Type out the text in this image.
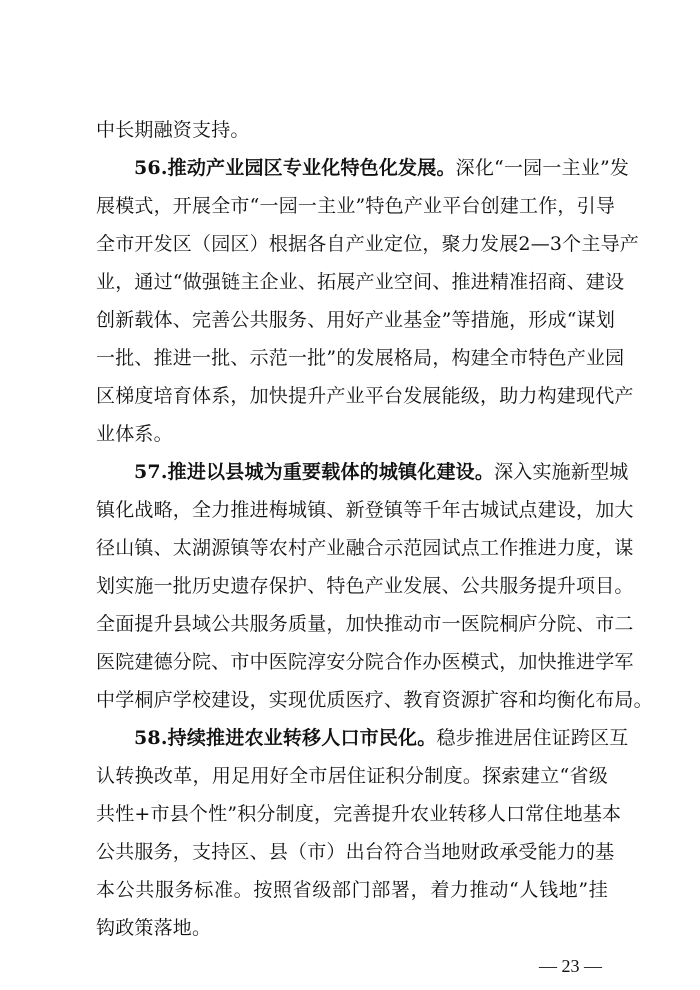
中长期融资支持。
56.推动产业园区专业化特色化发展。深化“一园一主业”发
展模式，开展全市“一园一主业”特色产业平台创建工作，引导
全市开发区（园区）根据各自产业定位，聚力发展2—3个主导产
业，通过“做强链主企业、拓展产业空间、推进精准招商、建设
创新载体、完善公共服务、用好产业基金”等措施，形成“谋划
一批、推进一批、示范一批”的发展格局，构建全市特色产业园
区梯度培育体系，加快提升产业平台发展能级，助力构建现代产
业体系。
57.推进以县城为重要载体的城镇化建设。深入实施新型城
镇化战略，全力推进梅城镇、新登镇等千年古城试点建设，加大
径山镇、太湖源镇等农村产业融合示范园试点工作推进力度，谋
划实施一批历史遗存保护、特色产业发展、公共服务提升项目。
全面提升县域公共服务质量，加快推动市一医院桐庐分院、市二
医院建德分院、市中医院淳安分院合作办医模式，加快推进学军
中学桐庐学校建设，实现优质医疗、教育资源扩容和均衡化布局。
58.持续推进农业转移人口市民化。稳步推进居住证跨区互
认转换改革，用足用好全市居住证积分制度。探索建立“省级
共性+市县个性”积分制度，完善提升农业转移人口常住地基本
公共服务，支持区、县（市）出台符合当地财政承受能力的基
本公共服务标准。按照省级部门部署，着力推动“人钱地”挂
钩政策落地。
— 23 —
